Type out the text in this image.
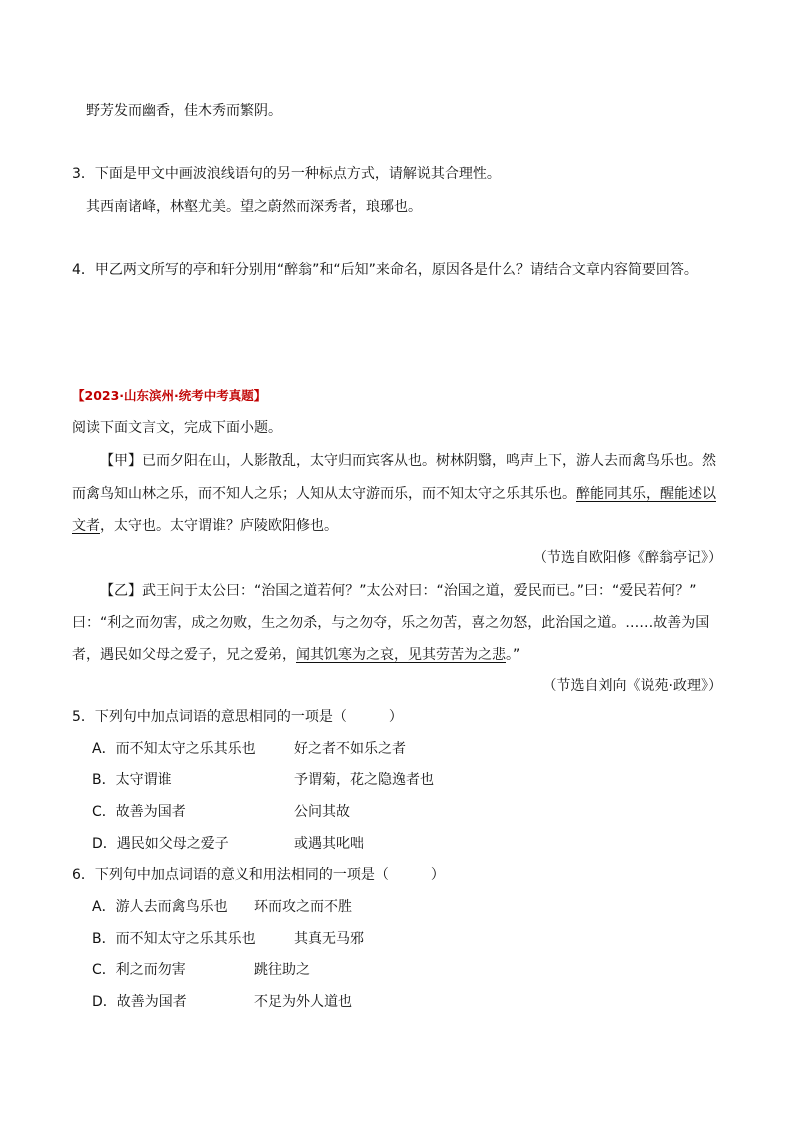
野芳发而幽香，佳木秀而繁阴。
3．下面是甲文中画波浪线语句的另一种标点方式，请解说其合理性。
其西南诸峰，林壑尤美。望之蔚然而深秀者，琅琊也。
4．甲乙两文所写的亭和轩分别用“醉翁”和“后知”来命名，原因各是什么？请结合文章内容简要回答。
【2023·山东滨州·统考中考真题】
阅读下面文言文，完成下面小题。
【甲】已而夕阳在山，人影散乱，太守归而宾客从也。树林阴翳，鸣声上下，游人去而禽鸟乐也。然
而禽鸟知山林之乐，而不知人之乐；人知从太守游而乐，而不知太守之乐其乐也。醉能同其乐，醒能述以
文者，太守也。太守谓谁？庐陵欧阳修也。
（节选自欧阳修《醉翁亭记》）
【乙】武王问于太公曰：“治国之道若何？”太公对曰：“治国之道，爱民而已。”曰：“爱民若何？”
曰：“利之而勿害，成之勿败，生之勿杀，与之勿夺，乐之勿苦，喜之勿怒，此治国之道。……故善为国
者，遇民如父母之爱子，兄之爱弟，闻其饥寒为之哀，见其劳苦为之悲。”
（节选自刘向《说苑·政理》）
5．下列句中加点词语的意思相同的一项是（　　　）
A．而不知太守之乐其乐也	好之者不如乐之者
B．太守谓谁	予谓菊，花之隐逸者也
C．故善为国者	公问其故
D．遇民如父母之爱子	或遇其叱咄
6．下列句中加点词语的意义和用法相同的一项是（　　　）
A．游人去而禽鸟乐也 环而攻之而不胜
B．而不知太守之乐其乐也	其真无马邪
C．利之而勿害	跳往助之
D．故善为国者	不足为外人道也
